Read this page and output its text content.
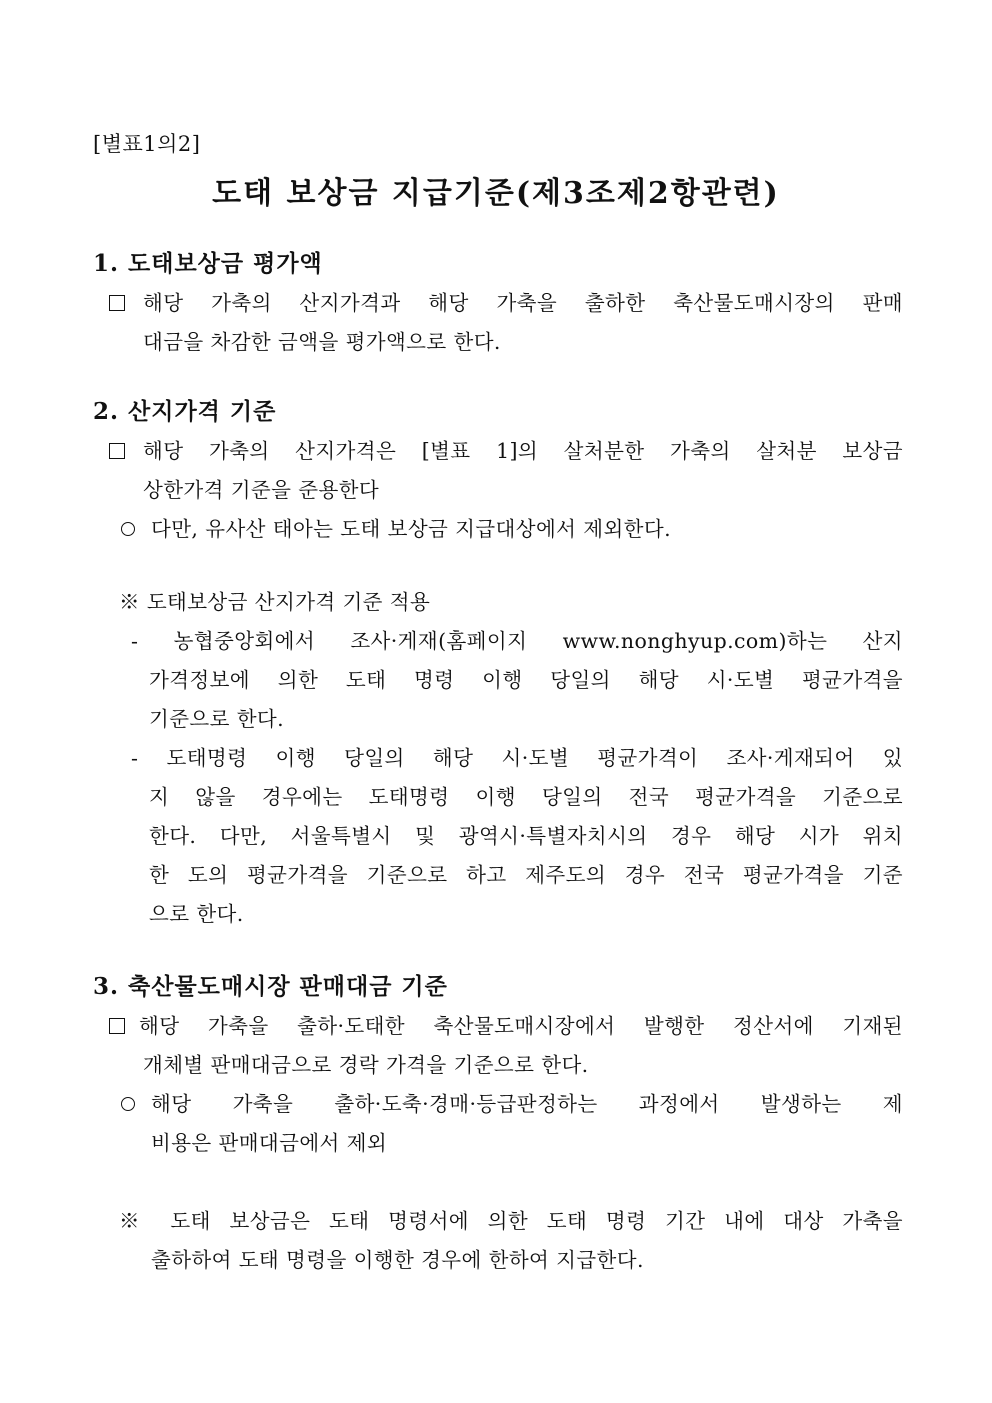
[별표1의2]
도태 보상금 지급기준(제3조제2항관련)
1. 도태보상금 평가액
해당 가축의 산지가격과 해당 가축을 출하한 축산물도매시장의 판매
대금을 차감한 금액을 평가액으로 한다.
2. 산지가격 기준
해당 가축의 산지가격은 [별표 1]의 살처분한 가축의 살처분 보상금
상한가격 기준을 준용한다
다만, 유사산 태아는 도태 보상금 지급대상에서 제외한다.
※ 도태보상금 산지가격 기준 적용
- 농협중앙회에서 조사·게재(홈페이지 www.nonghyup.com)하는 산지
가격정보에 의한 도태 명령 이행 당일의 해당 시·도별 평균가격을
기준으로 한다.
- 도태명령 이행 당일의 해당 시·도별 평균가격이 조사·게재되어 있
지 않을 경우에는 도태명령 이행 당일의 전국 평균가격을 기준으로
한다. 다만, 서울특별시 및 광역시·특별자치시의 경우 해당 시가 위치
한 도의 평균가격을 기준으로 하고 제주도의 경우 전국 평균가격을 기준
으로 한다.
3. 축산물도매시장 판매대금 기준
해당 가축을 출하·도태한 축산물도매시장에서 발행한 정산서에 기재된
개체별 판매대금으로 경락 가격을 기준으로 한다.
해당 가축을 출하·도축·경매·등급판정하는 과정에서 발생하는 제
비용은 판매대금에서 제외
※ 도태 보상금은 도태 명령서에 의한 도태 명령 기간 내에 대상 가축을
출하하여 도태 명령을 이행한 경우에 한하여 지급한다.
